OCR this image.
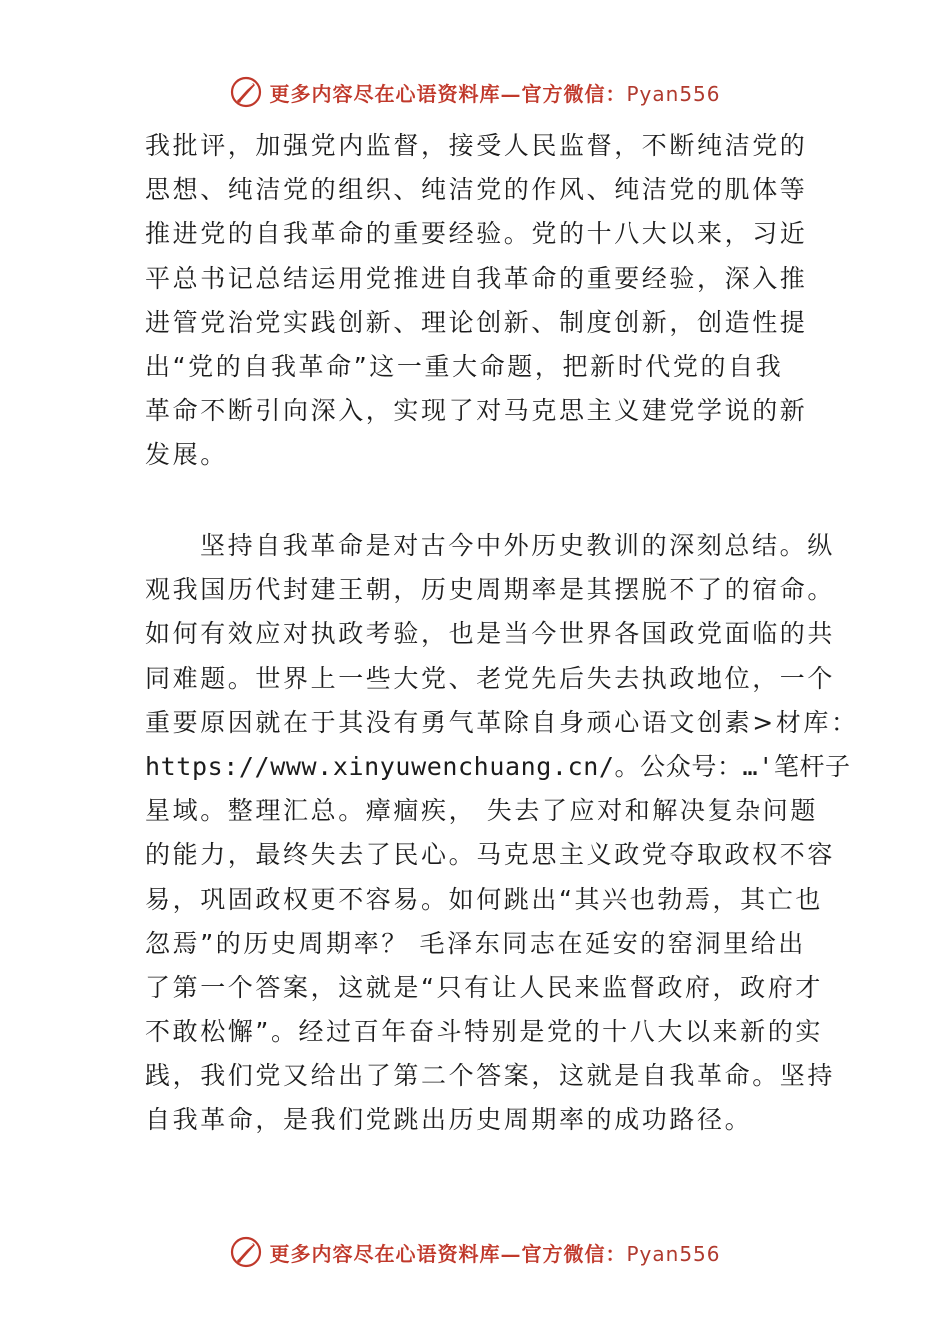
更多内容尽在心语资料库—官方微信：Pyan556
我批评，加强党内监督，接受人民监督，不断纯洁党的
思想、纯洁党的组织、纯洁党的作风、纯洁党的肌体等
推进党的自我革命的重要经验。党的十八大以来，习近
平总书记总结运用党推进自我革命的重要经验，深入推
进管党治党实践创新、理论创新、制度创新，创造性提
出“党的自我革命”这一重大命题，把新时代党的自我
革命不断引向深入，实现了对马克思主义建党学说的新
发展。
坚持自我革命是对古今中外历史教训的深刻总结。纵
观我国历代封建王朝，历史周期率是其摆脱不了的宿命。
如何有效应对执政考验，也是当今世界各国政党面临的共
同难题。世界上一些大党、老党先后失去执政地位，一个
重要原因就在于其没有勇气革除自身顽心语文创素>材库：
https://www.xinyuwenchuang.cn/。公众号：…'笔杆子
星域。整理汇总。瘴痼疾， 失去了应对和解决复杂问题
的能力，最终失去了民心。马克思主义政党夺取政权不容
易，巩固政权更不容易。如何跳出“其兴也勃焉，其亡也
忽焉”的历史周期率？ 毛泽东同志在延安的窑洞里给出
了第一个答案，这就是“只有让人民来监督政府，政府才
不敢松懈”。经过百年奋斗特别是党的十八大以来新的实
践，我们党又给出了第二个答案，这就是自我革命。坚持
自我革命，是我们党跳出历史周期率的成功路径。
更多内容尽在心语资料库—官方微信：Pyan556
